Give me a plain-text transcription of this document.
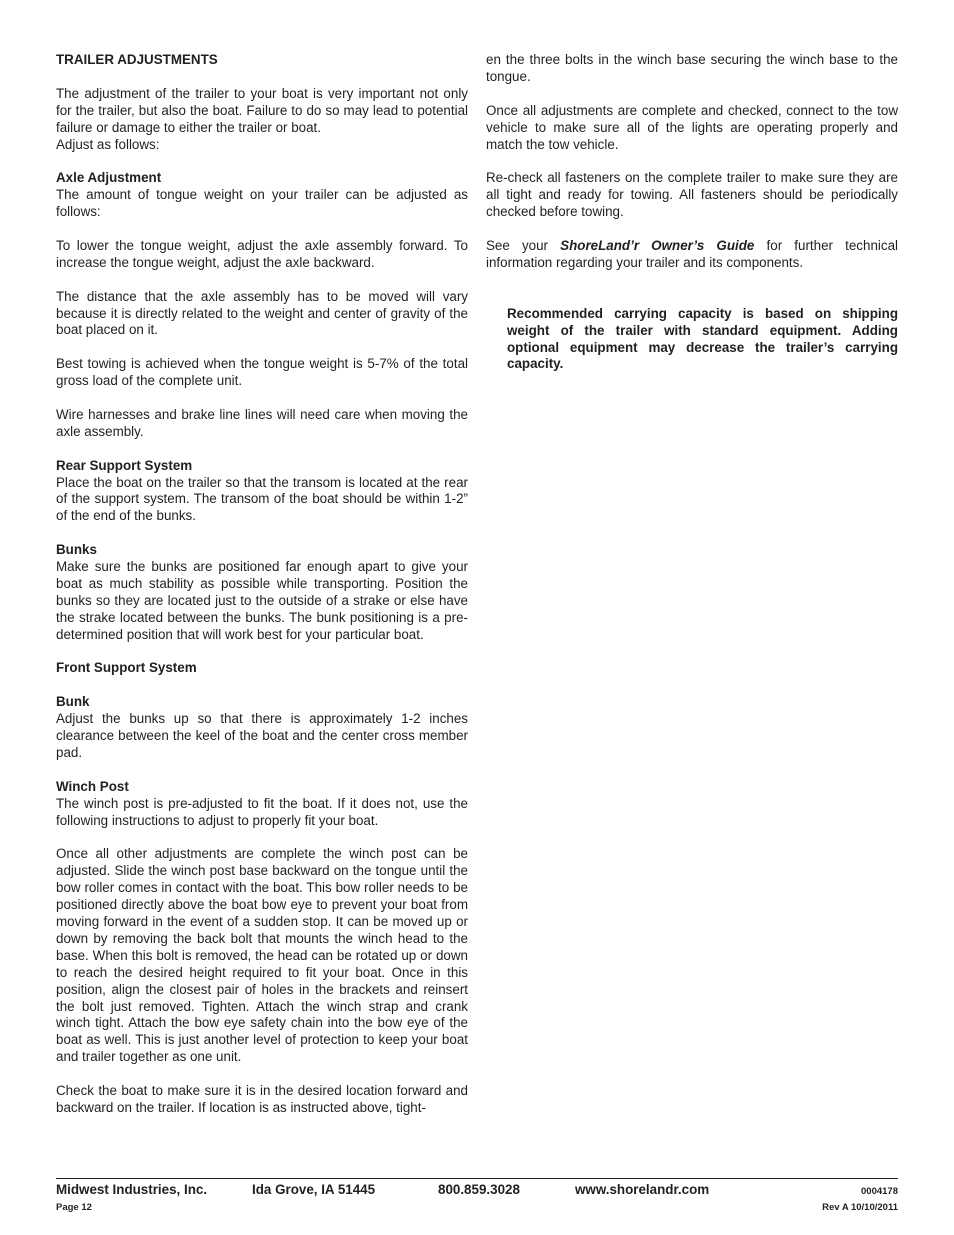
TRAILER ADJUSTMENTS

The adjustment of the trailer to your boat is very important not only for the trailer, but also the boat. Failure to do so may lead to potential failure or damage to either the trailer or boat.
Adjust as follows:

Axle Adjustment
The amount of tongue weight on your trailer can be adjusted as follows:

To lower the tongue weight, adjust the axle assembly forward. To increase the tongue weight, adjust the axle backward.

The distance that the axle assembly has to be moved will vary because it is directly related to the weight and center of gravity of the boat placed on it.

Best towing is achieved when the tongue weight is 5-7% of the total gross load of the complete unit.

Wire harnesses and brake line lines will need care when moving the axle assembly.

Rear Support System
Place the boat on the trailer so that the transom is located at the rear of the support system. The transom of the boat should be within 1-2” of the end of the bunks.

Bunks
Make sure the bunks are positioned far enough apart to give your boat as much stability as possible while transporting. Position the bunks so they are located just to the outside of a strake or else have the strake located between the bunks. The bunk positioning is a pre-determined position that will work best for your particular boat.

Front Support System

Bunk
Adjust the bunks up so that there is approximately 1-2 inches clearance between the keel of the boat and the center cross member pad.

Winch Post
The winch post is pre-adjusted to fit the boat. If it does not, use the following instructions to adjust to properly fit your boat.

Once all other adjustments are complete the winch post can be adjusted. Slide the winch post base backward on the tongue until the bow roller comes in contact with the boat. This bow roller needs to be positioned directly above the boat bow eye to prevent your boat from moving forward in the event of a sudden stop. It can be moved up or down by removing the back bolt that mounts the winch head to the base. When this bolt is removed, the head can be rotated up or down to reach the desired height required to fit your boat. Once in this position, align the closest pair of holes in the brackets and reinsert the bolt just removed. Tighten. Attach the winch strap and crank winch tight. Attach the bow eye safety chain into the bow eye of the boat as well. This is just another level of protection to keep your boat and trailer together as one unit.

Check the boat to make sure it is in the desired location forward and backward on the trailer. If location is as instructed above, tight-

en the three bolts in the winch base securing the winch base to the tongue.

Once all adjustments are complete and checked, connect to the tow vehicle to make sure all of the lights are operating properly and match the tow vehicle.

Re-check all fasteners on the complete trailer to make sure they are all tight and ready for towing. All fasteners should be periodically checked before towing.

See your ShoreLand’r Owner’s Guide for further technical information regarding your trailer and its components.

Recommended carrying capacity is based on shipping weight of the trailer with standard equipment. Adding optional equipment may decrease the trailer’s carrying capacity.

Midwest Industries, Inc.	Ida Grove, IA 51445	800.859.3028	www.shorelandr.com	0004178
Page 12	Rev A 10/10/2011
